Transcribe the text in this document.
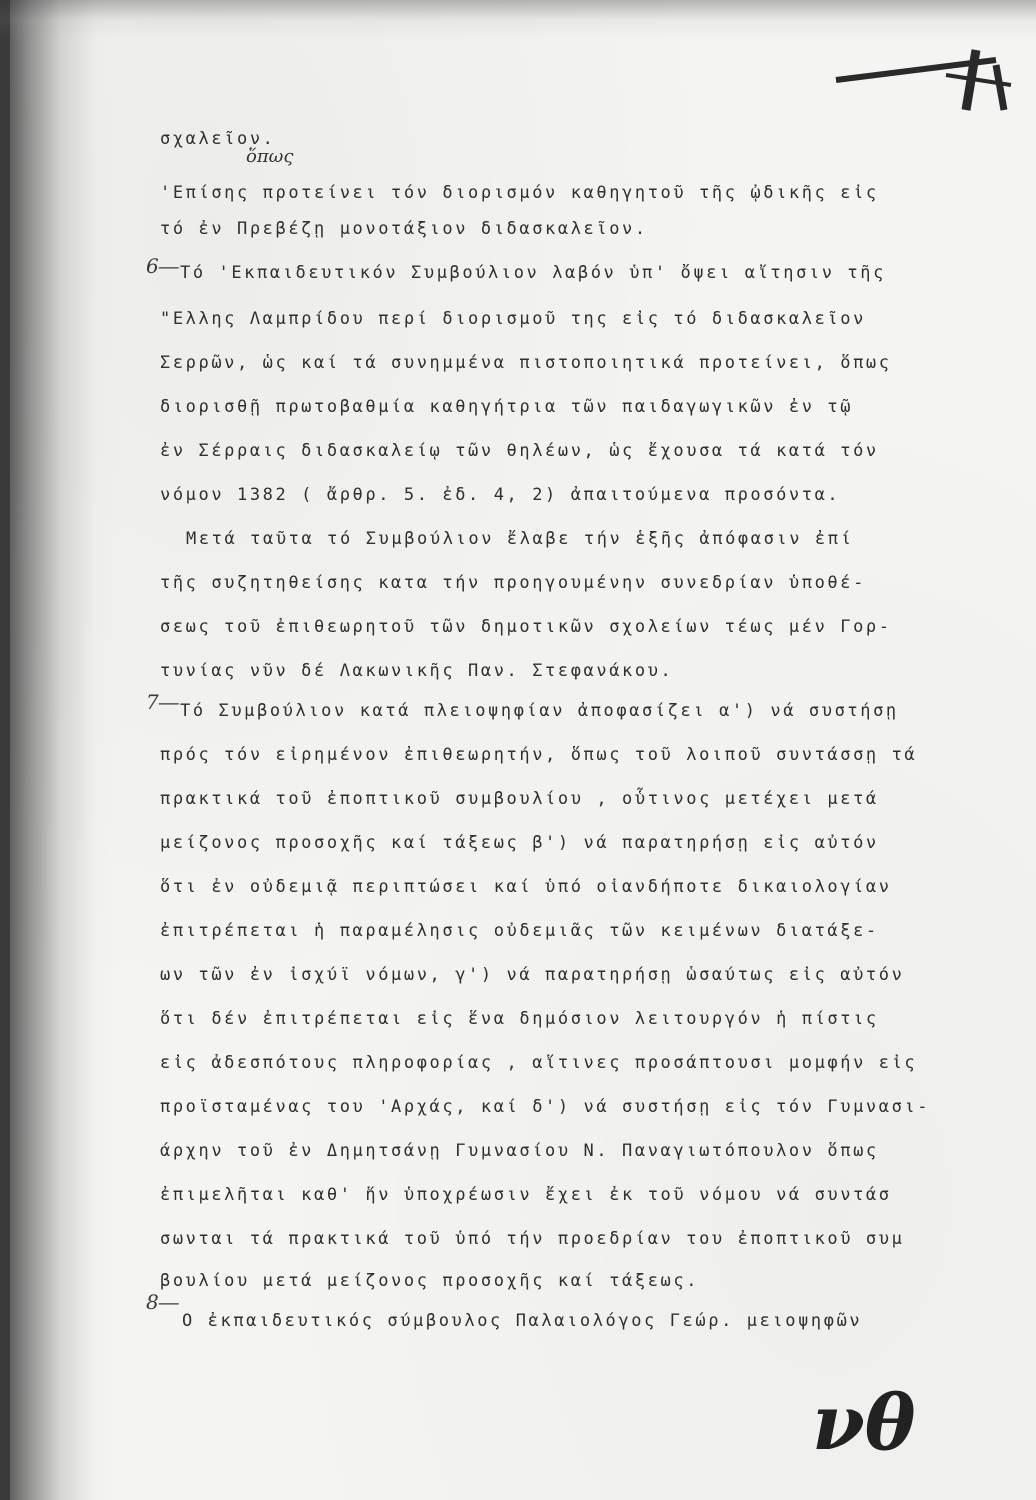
ὅπως
6―
7―
8―
σχαλεῖον.
'Επίσης προτείνει τόν διορισμόν καθηγητοῦ τῆς ᾠδικῆς εἰς
τό ἐν Πρεβέζῃ μονοτάξιον διδασκαλεῖον.
Τό 'Εκπαιδευτικόν Συμβούλιον λαβόν ὑπ' ὄψει αἴτησιν τῆς
"Ελλης Λαμπρίδου περί διορισμοῦ της εἰς τό διδασκαλεῖον
Σερρῶν, ὡς καί τά συνημμένα πιστοποιητικά προτείνει, ὅπως
διορισθῇ πρωτοβαθμία καθηγήτρια τῶν παιδαγωγικῶν ἐν τῷ
ἐν Σέρραις διδασκαλείῳ τῶν θηλέων, ὡς ἔχουσα τά κατά τόν
νόμον 1382 ( ἄρθρ. 5. ἐδ. 4, 2) ἀπαιτούμενα προσόντα.
Μετά ταῦτα τό Συμβούλιον ἔλαβε τήν ἑξῆς ἀπόφασιν ἐπί
τῆς συζητηθείσης κατα τήν προηγουμένην συνεδρίαν ὑποθέ-
σεως τοῦ ἐπιθεωρητοῦ τῶν δημοτικῶν σχολείων τέως μέν Γορ-
τυνίας νῦν δέ Λακωνικῆς Παν. Στεφανάκου.
Τό Συμβούλιον κατά πλειοψηφίαν ἀποφασίζει α') νά συστήσῃ
πρός τόν εἰρημένον ἐπιθεωρητήν, ὅπως τοῦ λοιποῦ συντάσσῃ τά
πρακτικά τοῦ ἐποπτικοῦ συμβουλίου , οὗτινος μετέχει μετά
μείζονος προσοχῆς καί τάξεως β') νά παρατηρήσῃ εἰς αὐτόν
ὅτι ἐν οὐδεμιᾷ περιπτώσει καί ὑπό οἱανδήποτε δικαιολογίαν
ἐπιτρέπεται ἡ παραμέλησις οὐδεμιᾶς τῶν κειμένων διατάξε-
ων τῶν ἐν ἰσχύϊ νόμων, γ') νά παρατηρήσῃ ὡσαύτως εἰς αὐτόν
ὅτι δέν ἐπιτρέπεται εἰς ἕνα δημόσιον λειτουργόν ἡ πίστις
εἰς ἀδεσπότους πληροφορίας , αἵτινες προσάπτουσι μομφήν εἰς
προϊσταμένας του 'Αρχάς, καί δ') νά συστήσῃ εἰς τόν Γυμνασι-
άρχην τοῦ ἐν Δημητσάνῃ Γυμνασίου Ν. Παναγιωτόπουλον ὅπως
ἐπιμελῆται καθ' ἥν ὑποχρέωσιν ἔχει ἐκ τοῦ νόμου νά συντάσ
σωνται τά πρακτικά τοῦ ὑπό τήν προεδρίαν του ἐποπτικοῦ συμ
βουλίου μετά μείζονος προσοχῆς καί τάξεως.
Ο ἐκπαιδευτικός σύμβουλος Παλαιολόγος Γεώρ. μειοψηφῶν
νθ
